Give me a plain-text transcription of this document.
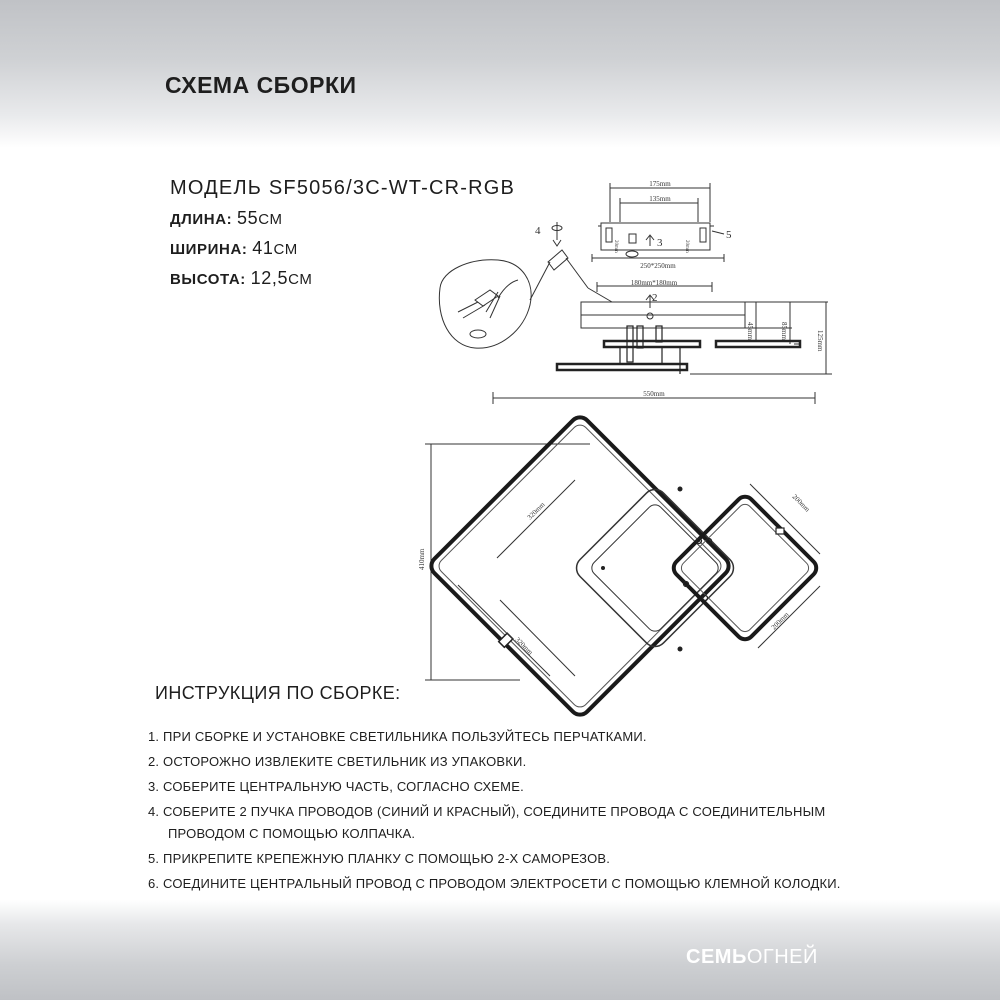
СХЕМА СБОРКИ
МОДЕЛЬ SF5056/3C-WT-CR-RGB
ДЛИНА: 55СМ
ШИРИНА: 41СМ
ВЫСОТА: 12,5СМ
175mm
135mm
20mm	20mm
4	5
3
250*250mm
180mm*180mm
2
45mm	85mm	125mm
550mm
410mm
320mm
320mm
200mm
200mm
ИНСТРУКЦИЯ ПО СБОРКЕ:
1. ПРИ СБОРКЕ И УСТАНОВКЕ СВЕТИЛЬНИКА ПОЛЬЗУЙТЕСЬ ПЕРЧАТКАМИ.
2. ОСТОРОЖНО ИЗВЛЕКИТЕ СВЕТИЛЬНИК ИЗ УПАКОВКИ.
3. СОБЕРИТЕ ЦЕНТРАЛЬНУЮ ЧАСТЬ, СОГЛАСНО СХЕМЕ.
4. СОБЕРИТЕ 2 ПУЧКА ПРОВОДОВ (СИНИЙ И КРАСНЫЙ), СОЕДИНИТЕ ПРОВОДА С СОЕДИНИТЕЛЬНЫМ
ПРОВОДОМ С ПОМОЩЬЮ КОЛПАЧКА.
5. ПРИКРЕПИТЕ КРЕПЕЖНУЮ ПЛАНКУ С ПОМОЩЬЮ 2-Х САМОРЕЗОВ.
6. СОЕДИНИТЕ ЦЕНТРАЛЬНЫЙ ПРОВОД С ПРОВОДОМ ЭЛЕКТРОСЕТИ С ПОМОЩЬЮ КЛЕМНОЙ КОЛОДКИ.
СЕМЬОГНЕЙ
